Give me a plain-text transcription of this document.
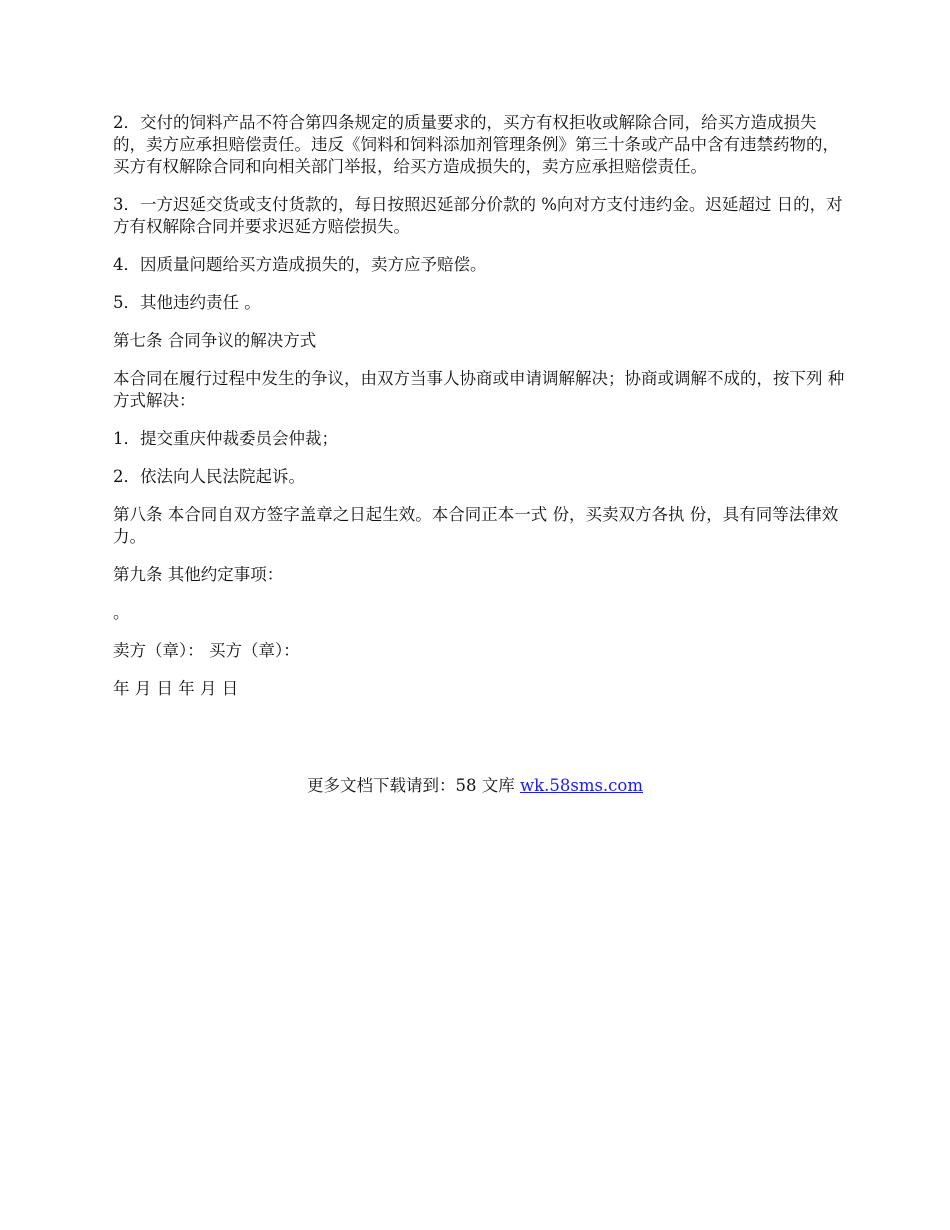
2．交付的饲料产品不符合第四条规定的质量要求的，买方有权拒收或解除合同，给买方造成损失的，卖方应承担赔偿责任。违反《饲料和饲料添加剂管理条例》第三十条或产品中含有违禁药物的，买方有权解除合同和向相关部门举报，给买方造成损失的，卖方应承担赔偿责任。

3．一方迟延交货或支付货款的，每日按照迟延部分价款的 %向对方支付违约金。迟延超过 日的，对方有权解除合同并要求迟延方赔偿损失。

4．因质量问题给买方造成损失的，卖方应予赔偿。

5．其他违约责任 。

第七条 合同争议的解决方式

本合同在履行过程中发生的争议，由双方当事人协商或申请调解解决；协商或调解不成的，按下列 种方式解决：

1．提交重庆仲裁委员会仲裁；

2．依法向人民法院起诉。

第八条 本合同自双方签字盖章之日起生效。本合同正本一式 份，买卖双方各执 份，具有同等法律效力。

第九条 其他约定事项：

。

卖方（章）： 买方（章）：

年 月 日 年 月 日

更多文档下载请到：58 文库 wk.58sms.com
